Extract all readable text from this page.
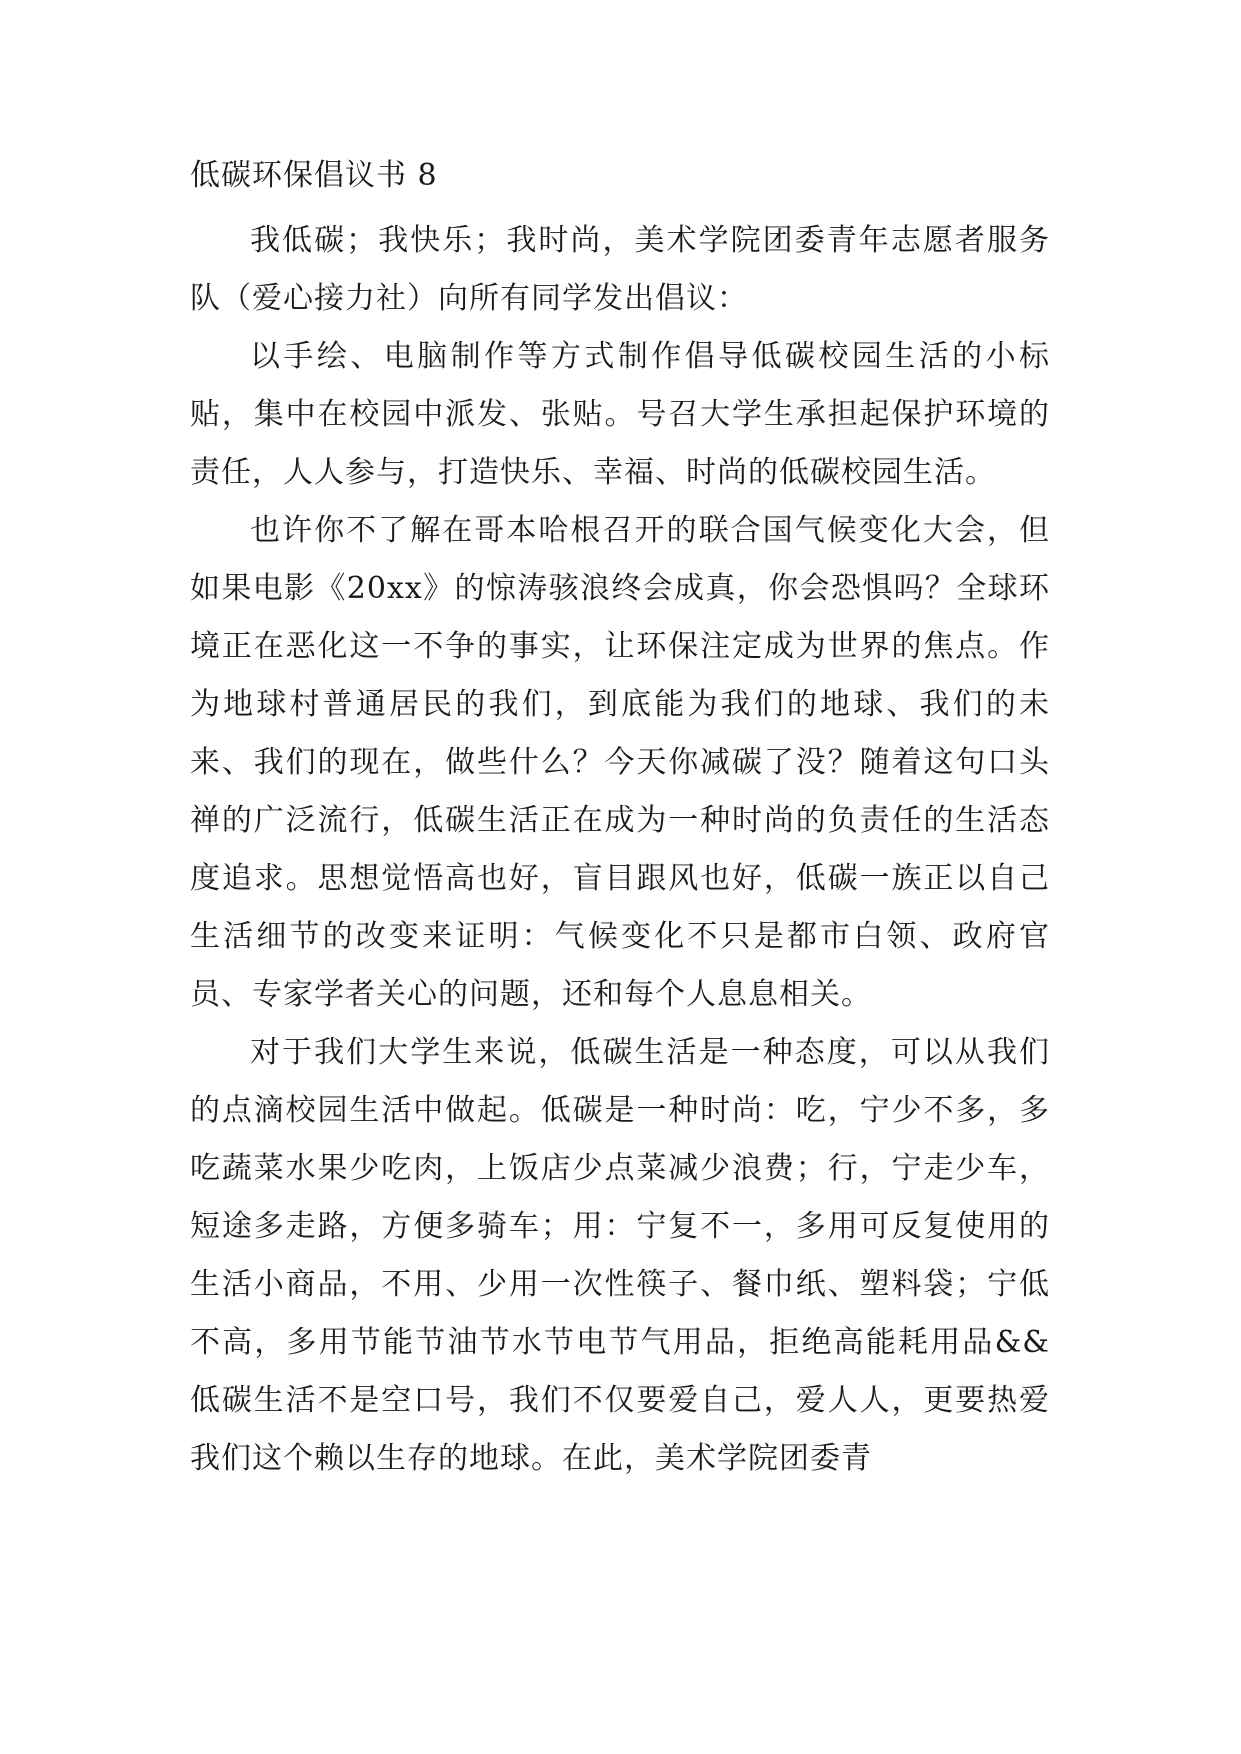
低碳环保倡议书 8

我低碳；我快乐；我时尚，美术学院团委青年志愿者服务队（爱心接力社）向所有同学发出倡议：

以手绘、电脑制作等方式制作倡导低碳校园生活的小标贴，集中在校园中派发、张贴。号召大学生承担起保护环境的责任，人人参与，打造快乐、幸福、时尚的低碳校园生活。

也许你不了解在哥本哈根召开的联合国气候变化大会，但如果电影《20xx》的惊涛骇浪终会成真，你会恐惧吗？全球环境正在恶化这一不争的事实，让环保注定成为世界的焦点。作为地球村普通居民的我们，到底能为我们的地球、我们的未来、我们的现在，做些什么？今天你减碳了没？随着这句口头禅的广泛流行，低碳生活正在成为一种时尚的负责任的生活态度追求。思想觉悟高也好，盲目跟风也好，低碳一族正以自己生活细节的改变来证明：气候变化不只是都市白领、政府官员、专家学者关心的问题，还和每个人息息相关。

对于我们大学生来说，低碳生活是一种态度，可以从我们的点滴校园生活中做起。低碳是一种时尚：吃，宁少不多，多吃蔬菜水果少吃肉，上饭店少点菜减少浪费；行，宁走少车，短途多走路，方便多骑车；用：宁复不一，多用可反复使用的生活小商品，不用、少用一次性筷子、餐巾纸、塑料袋；宁低不高，多用节能节油节水节电节气用品，拒绝高能耗用品&&低碳生活不是空口号，我们不仅要爱自己，爱人人，更要热爱我们这个赖以生存的地球。在此，美术学院团委青
